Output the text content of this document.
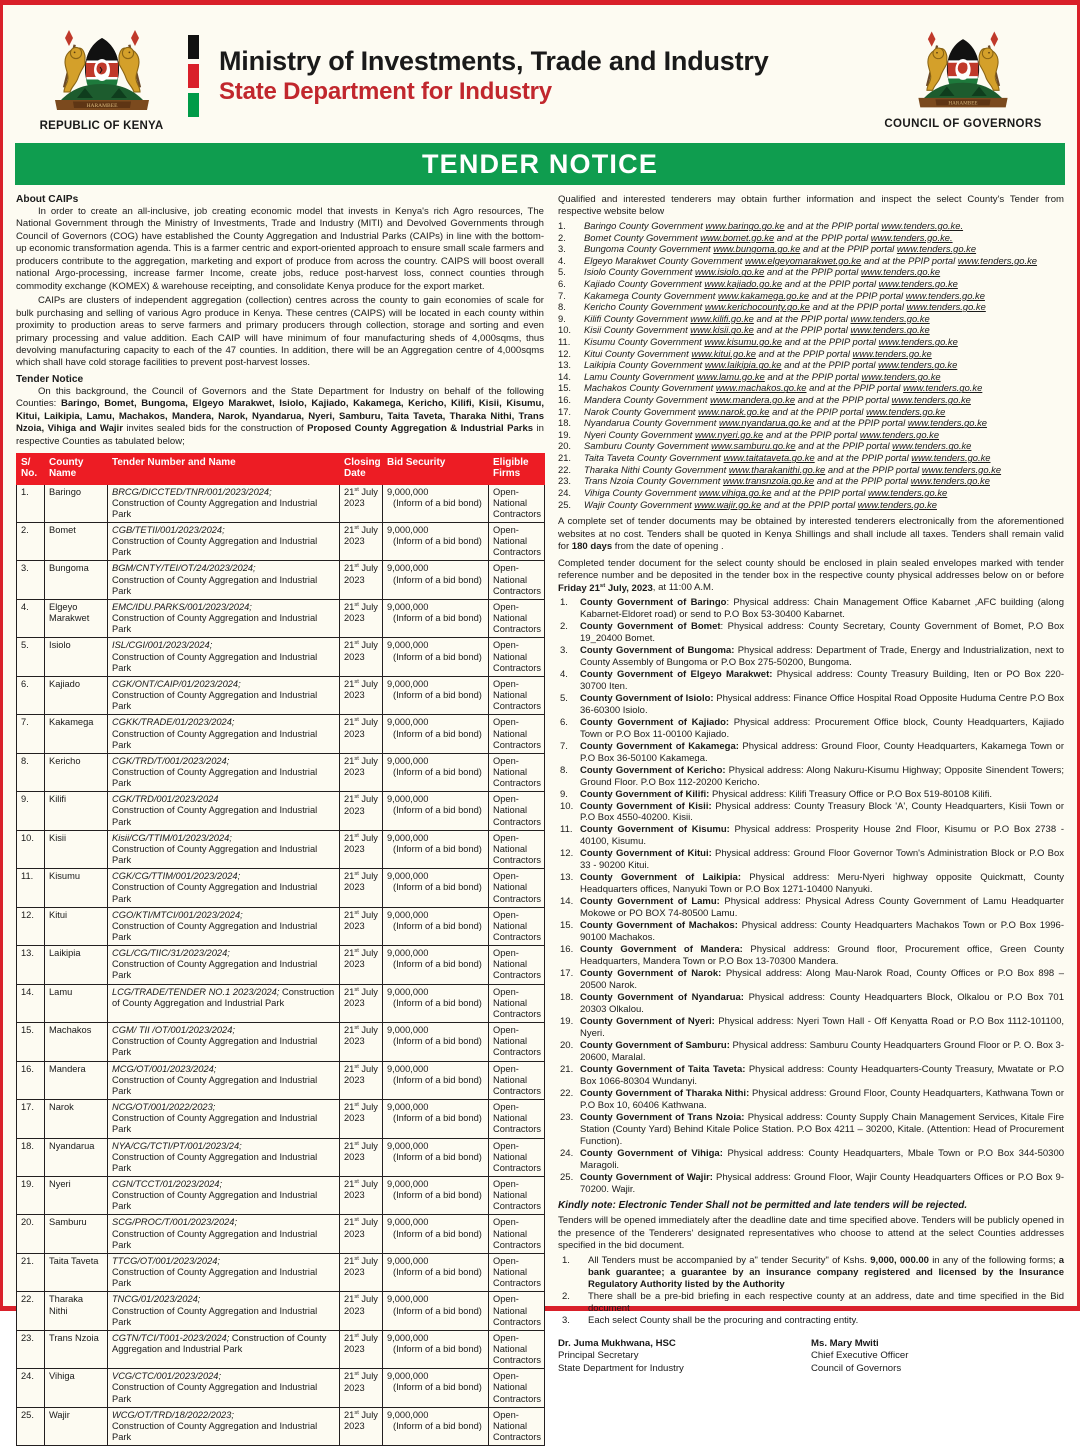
HARAMBEE
REPUBLIC OF KENYA
Ministry of Investments, Trade and Industry
State Department for Industry	HARAMBEE
COUNCIL OF GOVERNORS
TENDER NOTICE
About CAIPs

In order to create an all-inclusive, job creating economic model that invests in Kenya's rich Agro resources, The National Government through the Ministry of Investments, Trade and Industry (MITI) and Devolved Governments through Council of Governors (COG) have established the County Aggregation and Industrial Parks (CAIPs) in line with the bottom-up economic transformation agenda. This is a farmer centric and export-oriented approach to ensure small scale farmers and producers contribute to the aggregation, marketing and export of produce from across the country. CAIPS will boost overall national Argo-processing, increase farmer Income, create jobs, reduce post-harvest loss, connect counties through commodity exchange (KOMEX) & warehouse receipting, and consolidate Kenya produce for the export market.

CAIPs are clusters of independent aggregation (collection) centres across the county to gain economies of scale for bulk purchasing and selling of various Agro produce in Kenya. These centres (CAIPS) will be located in each county within proximity to production areas to serve farmers and primary producers through collection, storage and sorting and even primary processing and value addition. Each CAIP will have minimum of four manufacturing sheds of 4,000sqms, thus devolving manufacturing capacity to each of the 47 counties. In addition, there will be an Aggregation centre of 4,000sqms which shall have cold storage facilities to prevent post-harvest losses.

Tender Notice

On this background, the Council of Governors and the State Department for Industry on behalf of the following Counties: Baringo, Bomet, Bungoma, Elgeyo Marakwet, Isiolo, Kajiado, Kakamega, Kericho, Kilifi, Kisii, Kisumu, Kitui, Laikipia, Lamu, Machakos, Mandera, Narok, Nyandarua, Nyeri, Samburu, Taita Taveta, Tharaka Nithi, Trans Nzoia, Vihiga and Wajir invites sealed bids for the construction of Proposed County Aggregation & Industrial Parks in respective Counties as tabulated below;

S/ No.	County Name	Tender Number and Name	Closing Date	Bid Security	Eligible Firms
1.	Baringo	BRCG/DICCTED/TNR/001/2023/2024;
Construction of County Aggregation and Industrial Park	21st July 2023	9,000,000
(Inform of a bid bond)	Open- National Contractors
2.	Bomet	CGB/TETII/001/2023/2024;
Construction of County Aggregation and Industrial Park	21st July 2023	9,000,000
(Inform of a bid bond)	Open- National Contractors
3.	Bungoma	BGM/CNTY/TEI/OT/24/2023/2024;
Construction of County Aggregation and Industrial Park	21st July 2023	9,000,000
(Inform of a bid bond)	Open- National Contractors
4.	Elgeyo Marakwet	EMC/IDU.PARKS/001/2023/2024;
Construction of County Aggregation and Industrial Park	21st July 2023	9,000,000
(Inform of a bid bond)	Open- National Contractors
5.	Isiolo	ISL/CGI/001/2023/2024;
Construction of County Aggregation and Industrial Park	21st July 2023	9,000,000
(Inform of a bid bond)	Open- National Contractors
6.	Kajiado	CGK/ONT/CAIP/01/2023/2024;
Construction of County Aggregation and Industrial Park	21st July 2023	9,000,000
(Inform of a bid bond)	Open- National Contractors
7.	Kakamega	CGKK/TRADE/01/2023/2024;
Construction of County Aggregation and Industrial Park	21st July 2023	9,000,000
(Inform of a bid bond)	Open- National Contractors
8.	Kericho	CGK/TRD/T/001/2023/2024;
Construction of County Aggregation and Industrial Park	21st July 2023	9,000,000
(Inform of a bid bond)	Open- National Contractors
9.	Kilifi	CGK/TRD/001/2023/2024
Construction of County Aggregation and Industrial Park	21st July 2023	9,000,000
(Inform of a bid bond)	Open- National Contractors
10.	Kisii	Kisii/CG/TTIM/01/2023/2024;
Construction of County Aggregation and Industrial Park	21st July 2023	9,000,000
(Inform of a bid bond)	Open- National Contractors
11.	Kisumu	CGK/CG/TTIM/001/2023/2024;
Construction of County Aggregation and Industrial Park	21st July 2023	9,000,000
(Inform of a bid bond)	Open- National Contractors
12.	Kitui	CGO/KTI/MTCI/001/2023/2024;
Construction of County Aggregation and Industrial Park	21st July 2023	9,000,000
(Inform of a bid bond)	Open- National Contractors
13.	Laikipia	CGL/CG/TIIC/31/2023/2024;
Construction of County Aggregation and Industrial Park	21st July 2023	9,000,000
(Inform of a bid bond)	Open- National Contractors
14.	Lamu	LCG/TRADE/TENDER NO.1 2023/2024; Construction of County Aggregation and Industrial Park	21st July 2023	9,000,000
(Inform of a bid bond)	Open- National Contractors
15.	Machakos	CGM/ TII /OT/001/2023/2024;
Construction of County Aggregation and Industrial Park	21st July 2023	9,000,000
(Inform of a bid bond)	Open- National Contractors
16.	Mandera	MCG/OT/001/2023/2024;
Construction of County Aggregation and Industrial Park	21st July 2023	9,000,000
(Inform of a bid bond)	Open- National Contractors
17.	Narok	NCG/OT/001/2022/2023;
Construction of County Aggregation and Industrial Park	21st July 2023	9,000,000
(Inform of a bid bond)	Open- National Contractors
18.	Nyandarua	NYA/CG/TCTI/PT/001/2023/24;
Construction of County Aggregation and Industrial Park	21st July 2023	9,000,000
(Inform of a bid bond)	Open- National Contractors
19.	Nyeri	CGN/TCCT/01/2023/2024;
Construction of County Aggregation and Industrial Park	21st July 2023	9,000,000
(Inform of a bid bond)	Open- National Contractors
20.	Samburu	SCG/PROC/T/001/2023/2024;
Construction of County Aggregation and Industrial Park	21st July 2023	9,000,000
(Inform of a bid bond)	Open- National Contractors
21.	Taita Taveta	TTCG/OT/001/2023/2024;
Construction of County Aggregation and Industrial Park	21st July 2023	9,000,000
(Inform of a bid bond)	Open- National Contractors
22.	Tharaka Nithi	TNCG/01/2023/2024;
Construction of County Aggregation and Industrial Park	21st July 2023	9,000,000
(Inform of a bid bond)	Open- National Contractors
23.	Trans Nzoia	CGTN/TCI/T001-2023/2024; Construction of County Aggregation and Industrial Park	21st July 2023	9,000,000
(Inform of a bid bond)	Open- National Contractors
24.	Vihiga	VCG/CTC/001/2023/2024;
Construction of County Aggregation and Industrial Park	21st July 2023	9,000,000
(Inform of a bid bond)	Open- National Contractors
25.	Wajir	WCG/OT/TRD/18/2022/2023;
Construction of County Aggregation and Industrial Park	21st July 2023	9,000,000
(Inform of a bid bond)	Open- National Contractors

Qualified and interested tenderers may obtain further information and inspect the select County's Tender from respective website below

1. Baringo County Government www.baringo.go.ke and at the PPIP portal www.tenders.go.ke.
2. Bomet County Government www.bomet.go.ke and at the PPIP portal www.tenders.go.ke.
3. Bungoma County Government www.bungoma.go.ke and at the PPIP portal www.tenders.go.ke
4. Elgeyo Marakwet County Government www.elgeyomarakwet.go.ke and at the PPIP portal www.tenders.go.ke
5. Isiolo County Government www.isiolo.go.ke and at the PPIP portal www.tenders.go.ke
6. Kajiado County Government www.kajiado.go.ke and at the PPIP portal www.tenders.go.ke
7. Kakamega County Government www.kakamega.go.ke and at the PPIP portal www.tenders.go.ke
8. Kericho County Government www.kerichocounty.go.ke and at the PPIP portal www.tenders.go.ke
9. Kilifi County Government www.kilifi.go.ke and at the PPIP portal www.tenders.go.ke
10. Kisii County Government www.kisii.go.ke and at the PPIP portal www.tenders.go.ke
11. Kisumu County Government www.kisumu.go.ke and at the PPIP portal www.tenders.go.ke
12. Kitui County Government www.kitui.go.ke and at the PPIP portal www.tenders.go.ke
13. Laikipia County Government www.laikipia.go.ke and at the PPIP portal www.tenders.go.ke
14. Lamu County Government www.lamu.go.ke and at the PPIP portal www.tenders.go.ke
15. Machakos County Government www.machakos.go.ke and at the PPIP portal www.tenders.go.ke
16. Mandera County Government www.mandera.go.ke and at the PPIP portal www.tenders.go.ke
17. Narok County Government www.narok.go.ke and at the PPIP portal www.tenders.go.ke
18. Nyandarua County Government www.nyandarua.go.ke and at the PPIP portal www.tenders.go.ke
19. Nyeri County Government www.nyeri.go.ke and at the PPIP portal www.tenders.go.ke
20. Samburu County Government www.samburu.go.ke and at the PPIP portal www.tenders.go.ke
21. Taita Taveta County Government www.taitataveta.go.ke and at the PPIP portal www.tenders.go.ke
22. Tharaka Nithi County Government www.tharakanithi.go.ke and at the PPIP portal www.tenders.go.ke
23. Trans Nzoia County Government www.transnzoia.go.ke and at the PPIP portal www.tenders.go.ke
24. Vihiga County Government www.vihiga.go.ke and at the PPIP portal www.tenders.go.ke
25. Wajir County Government www.wajir.go.ke and at the PPIP portal www.tenders.go.ke

A complete set of tender documents may be obtained by interested tenderers electronically from the aforementioned websites at no cost. Tenders shall be quoted in Kenya Shillings and shall include all taxes. Tenders shall remain valid for 180 days from the date of opening .

Completed tender document for the select county should be enclosed in plain sealed envelopes marked with tender reference number and be deposited in the tender box in the respective county physical addresses below on or before Friday 21st July, 2023, at 11:00 A.M.

1. County Government of Baringo: Physical address: Chain Management Office Kabarnet ,AFC building (along Kabarnet-Eldoret road) or send to P.O Box 53-30400 Kabarnet.
2. County Government of Bomet: Physical address: County Secretary, County Government of Bomet, P.O Box 19_20400 Bomet.
3. County Government of Bungoma: Physical address: Department of Trade, Energy and Industrialization, next to County Assembly of Bungoma or P.O Box 275-50200, Bungoma.
4. County Government of Elgeyo Marakwet: Physical address: County Treasury Building, Iten or PO Box 220-30700 Iten.
5. County Government of Isiolo: Physical address: Finance Office Hospital Road Opposite Huduma Centre P.O Box 36-60300 Isiolo.
6. County Government of Kajiado: Physical address: Procurement Office block, County Headquarters, Kajiado Town or P.O Box 11-00100 Kajiado.
7. County Government of Kakamega: Physical address: Ground Floor, County Headquarters, Kakamega Town or P.O Box 36-50100 Kakamega.
8. County Government of Kericho: Physical address: Along Nakuru-Kisumu Highway; Opposite Sinendent Towers; Ground Floor. P.O Box 112-20200 Kericho.
9. County Government of Kilifi: Physical address: Kilifi Treasury Office or P.O Box 519-80108 Kilifi.
10. County Government of Kisii: Physical address: County Treasury Block 'A', County Headquarters, Kisii Town or P.O Box 4550-40200. Kisii.
11. County Government of Kisumu: Physical address: Prosperity House 2nd Floor, Kisumu or P.O Box 2738 - 40100, Kisumu.
12. County Government of Kitui: Physical address: Ground Floor Governor Town's Administration Block or P.O Box 33 - 90200 Kitui.
13. County Government of Laikipia: Physical address: Meru-Nyeri highway opposite Quickmatt, County Headquarters offices, Nanyuki Town or P.O Box 1271-10400 Nanyuki.
14. County Government of Lamu: Physical address: Physical Adress County Government of Lamu Headquarter Mokowe or PO BOX 74-80500 Lamu.
15. County Government of Machakos: Physical address: County Headquarters Machakos Town or P.O Box 1996-90100 Machakos.
16. County Government of Mandera: Physical address: Ground floor, Procurement office, Green County Headquarters, Mandera Town or P.O Box 13-70300 Mandera.
17. County Government of Narok: Physical address: Along Mau-Narok Road, County Offices or P.O Box 898 – 20500 Narok.
18. County Government of Nyandarua: Physical address: County Headquarters Block, Olkalou or P.O Box 701 20303 Olkalou.
19. County Government of Nyeri: Physical address: Nyeri Town Hall - Off Kenyatta Road or P.O Box 1112-101100, Nyeri.
20. County Government of Samburu: Physical address: Samburu County Headquarters Ground Floor or P. O. Box 3-20600, Maralal.
21. County Government of Taita Taveta: Physical address: County Headquarters-County Treasury, Mwatate or P.O Box 1066-80304 Wundanyi.
22. County Government of Tharaka Nithi: Physical address: Ground Floor, County Headquarters, Kathwana Town or P.O Box 10, 60406 Kathwana.
23. County Government of Trans Nzoia: Physical address: County Supply Chain Management Services, Kitale Fire Station (County Yard) Behind Kitale Police Station. P.O Box 4211 – 30200, Kitale. (Attention: Head of Procurement Function).
24. County Government of Vihiga: Physical address: County Headquarters, Mbale Town or P.O Box 344-50300 Maragoli.
25. County Government of Wajir: Physical address: Ground Floor, Wajir County Headquarters Offices or P.O Box 9-70200. Wajir.
Kindly note: Electronic Tender Shall not be permitted and late tenders will be rejected.

Tenders will be opened immediately after the deadline date and time specified above. Tenders will be publicly opened in the presence of the Tenderers' designated representatives who choose to attend at the select Counties addresses specified in the bid document.

1. All Tenders must be accompanied by a" tender Security" of Kshs. 9,000, 000.00 in any of the following forms; a bank guarantee; a guarantee by an insurance company registered and licensed by the Insurance Regulatory Authority listed by the Authority
2. There shall be a pre-bid briefing in each respective county at an address, date and time specified in the Bid document
3. Each select County shall be the procuring and contracting entity.
Dr. Juma Mukhwana, HSC
Principal Secretary
State Department for Industry
Ms. Mary Mwiti
Chief Executive Officer
Council of Governors
